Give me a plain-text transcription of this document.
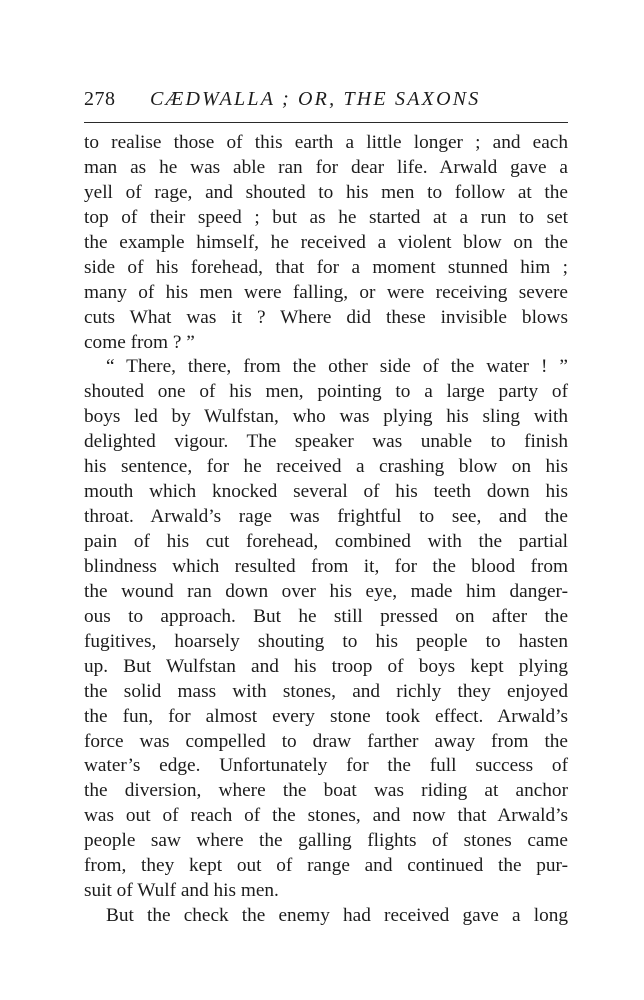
278 CÆDWALLA ; OR, THE SAXONS
to realise those of this earth a little longer ; and each
man as he was able ran for dear life. Arwald gave a
yell of rage, and shouted to his men to follow at the
top of their speed ; but as he started at a run to set
the example himself, he received a violent blow on the
side of his forehead, that for a moment stunned him ;
many of his men were falling, or were receiving severe
cuts What was it ? Where did these invisible blows
come from ? ”
“ There, there, from the other side of the water ! ”
shouted one of his men, pointing to a large party of
boys led by Wulfstan, who was plying his sling with
delighted vigour. The speaker was unable to finish
his sentence, for he received a crashing blow on his
mouth which knocked several of his teeth down his
throat. Arwald’s rage was frightful to see, and the
pain of his cut forehead, combined with the partial
blindness which resulted from it, for the blood from
the wound ran down over his eye, made him danger-
ous to approach. But he still pressed on after the
fugitives, hoarsely shouting to his people to hasten
up. But Wulfstan and his troop of boys kept plying
the solid mass with stones, and richly they enjoyed
the fun, for almost every stone took effect. Arwald’s
force was compelled to draw farther away from the
water’s edge. Unfortunately for the full success of
the diversion, where the boat was riding at anchor
was out of reach of the stones, and now that Arwald’s
people saw where the galling flights of stones came
from, they kept out of range and continued the pur-
suit of Wulf and his men.
But the check the enemy had received gave a long
